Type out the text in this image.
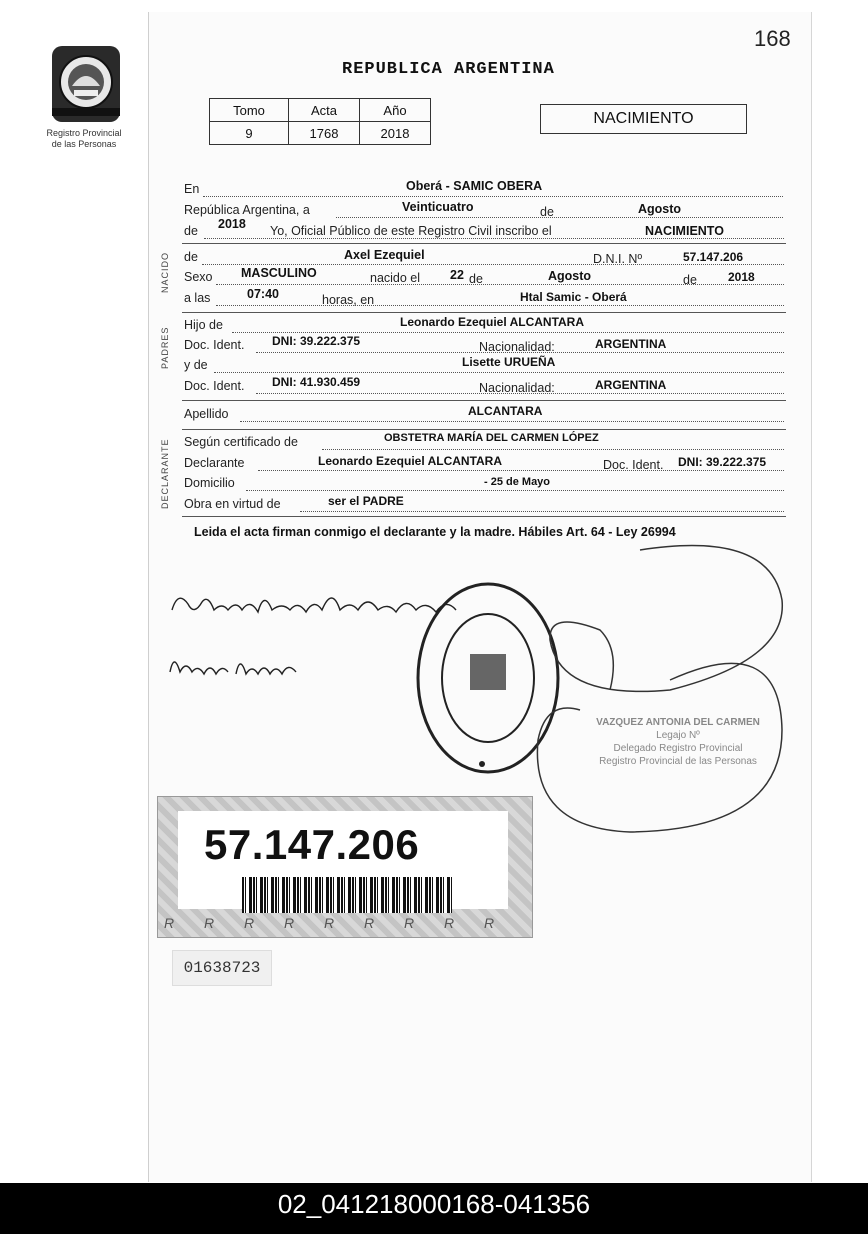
168
Registro Provincial
de las Personas
REPUBLICA ARGENTINA
Tomo	Acta	Año
9	1768	2018
NACIMIENTO
En	Oberá - SAMIC OBERA
República Argentina, a	Veinticuatro	de	Agosto
de 2018 Yo, Oficial Público de este Registro Civil inscribo el	NACIMIENTO
NACIDO de	Axel Ezequiel	D.N.I. Nº	57.147.206
Sexo MASCULINO	nacido el 22 de	Agosto	de	2018
a las	07:40	horas, en	Htal Samic - Oberá
PADRES
Hijo de	Leonardo Ezequiel ALCANTARA
Doc. Ident. DNI: 39.222.375	Nacionalidad:	ARGENTINA
y de	Lisette URUEÑA
Doc. Ident. DNI: 41.930.459	Nacionalidad:	ARGENTINA
Apellido	ALCANTARA
DECLARANTE Según certificado de	OBSTETRA MARÍA DEL CARMEN LÓPEZ
Declarante	Leonardo Ezequiel ALCANTARA	Doc. Ident. DNI: 39.222.375
Domicilio	- 25 de Mayo
Obra en virtud de	ser el PADRE
Leida el acta firman conmigo el declarante y la madre. Hábiles Art. 64 - Ley 26994
VAZQUEZ ANTONIA DEL CARMEN
Legajo Nº
Delegado Registro Provincial
Registro Provincial de las Personas
57.147.206
R R R R R R R R R
01638723
02_041218000168-041356
